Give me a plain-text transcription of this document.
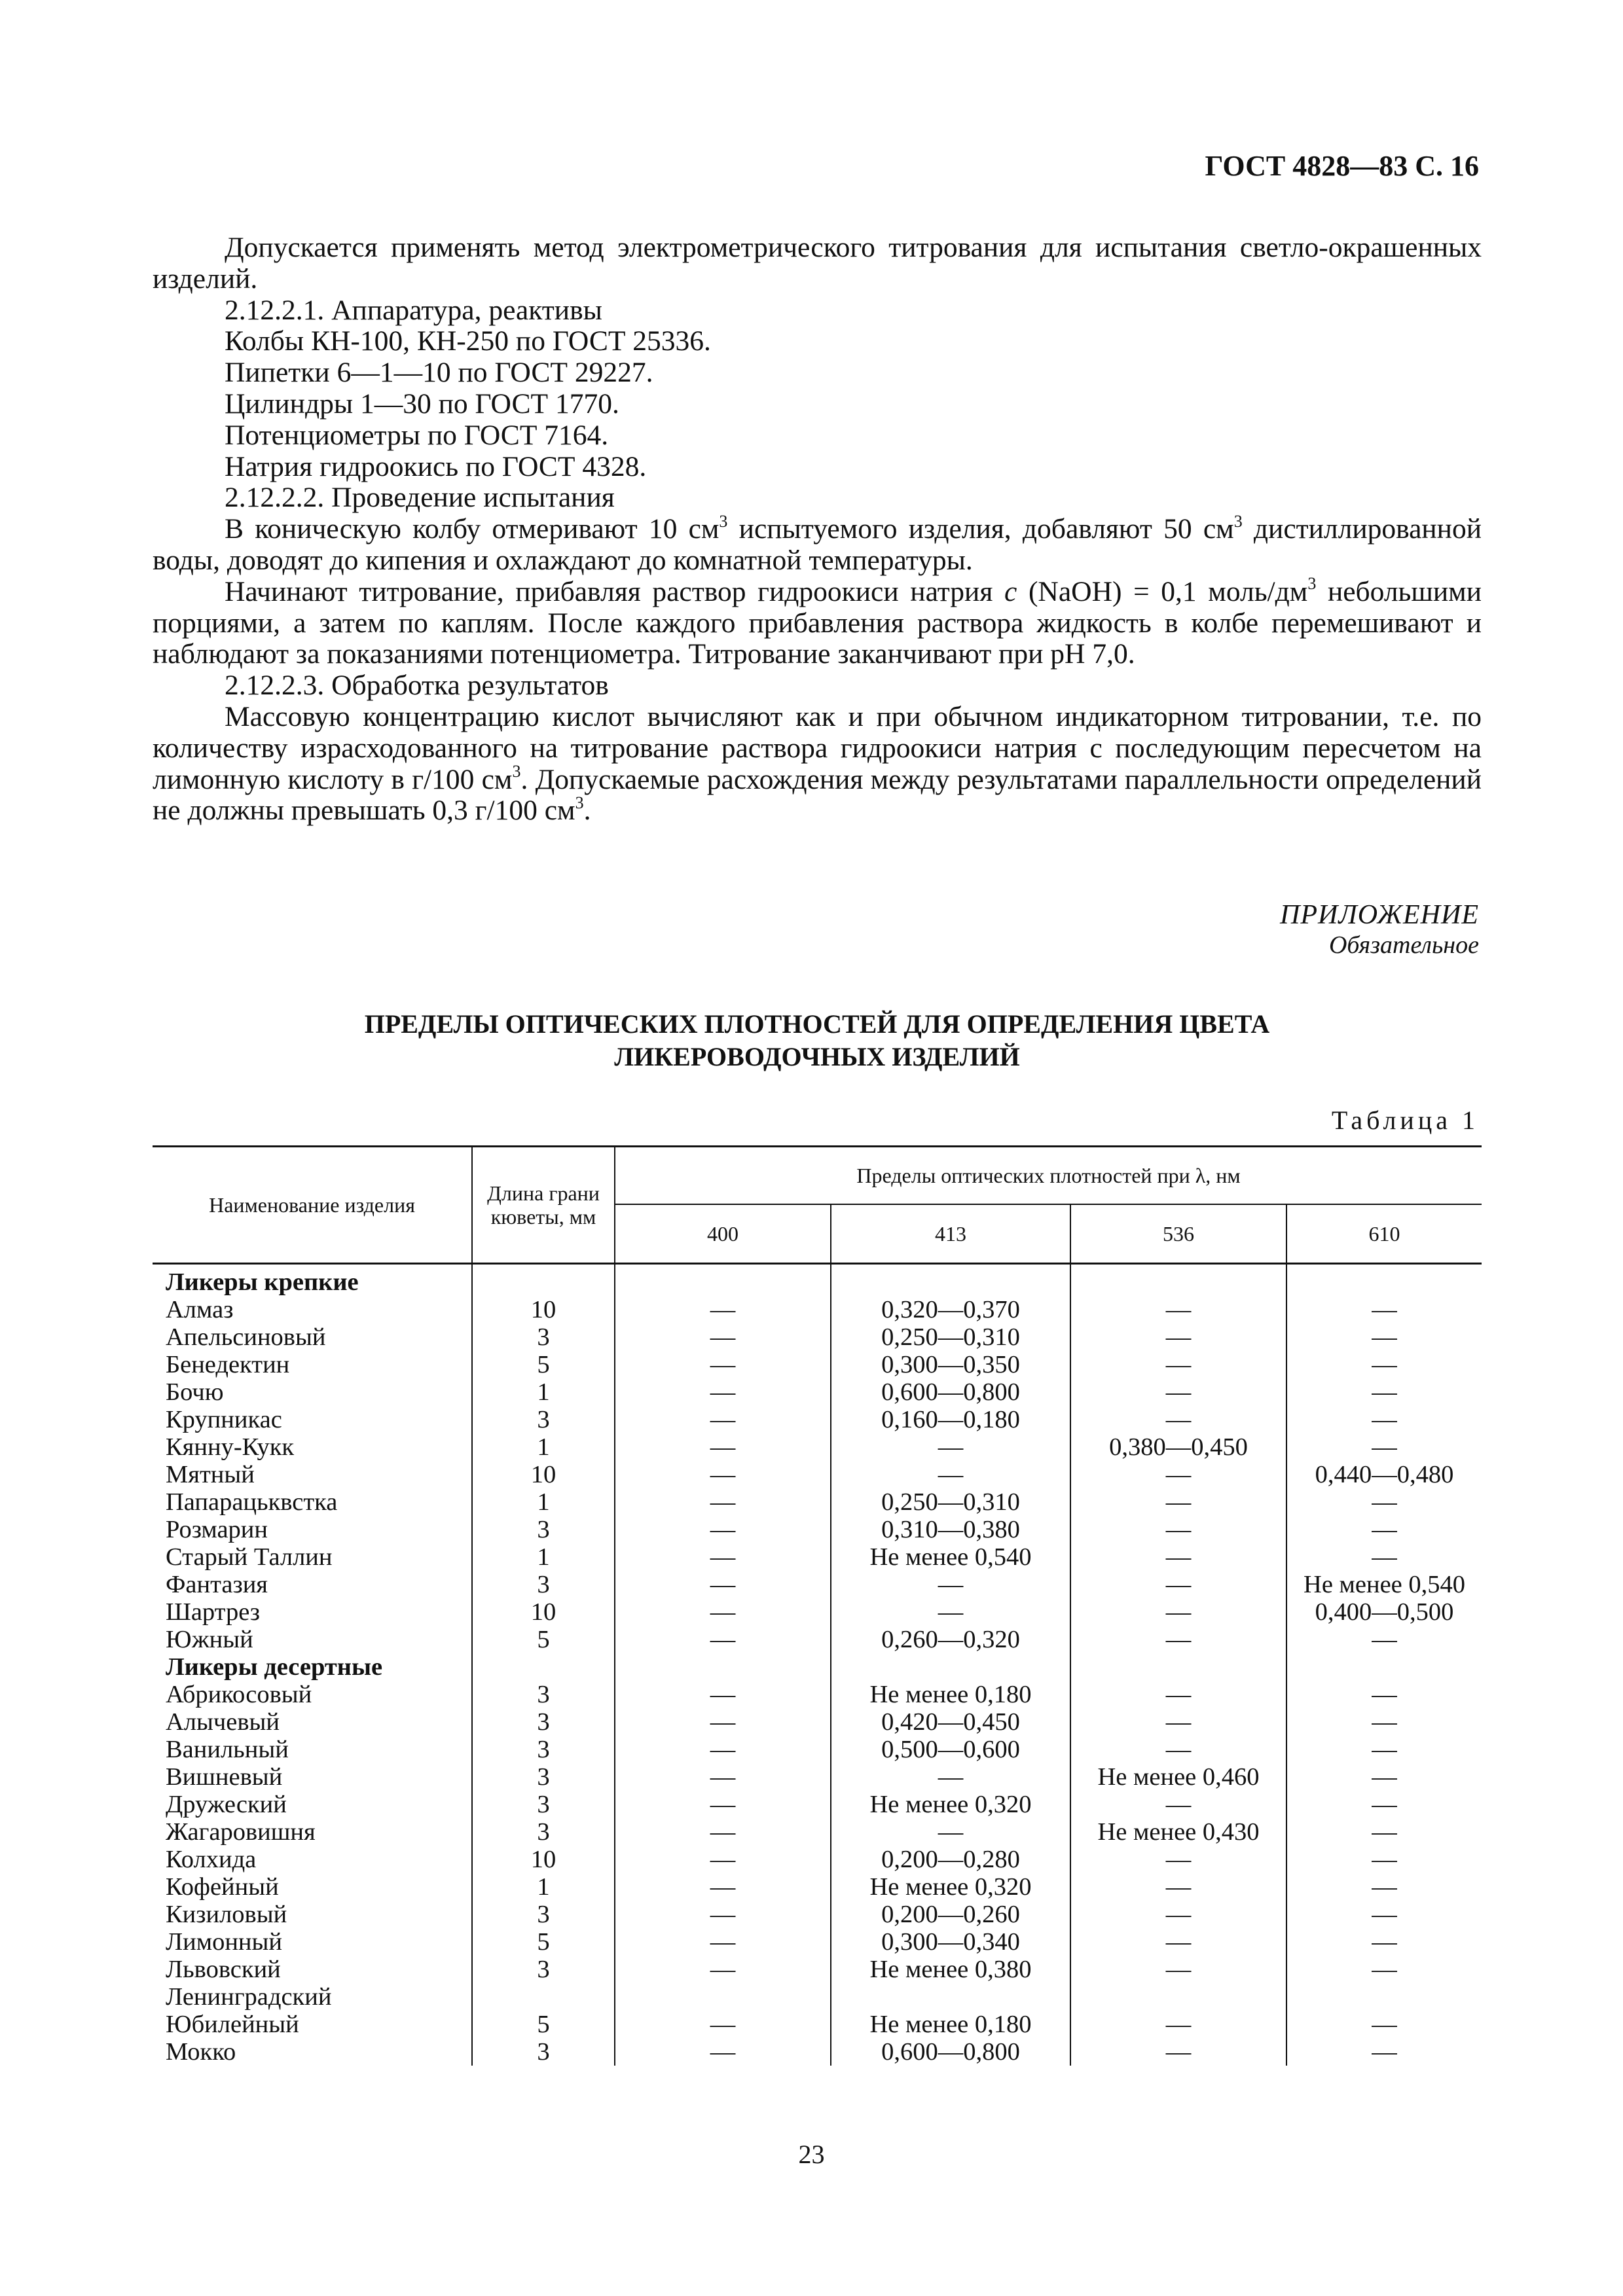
ГОСТ 4828—83 С. 16

Допускается применять метод электрометрического титрования для испытания светло-окрашенных изделий.

2.12.2.1. Аппаратура, реактивы

Колбы КН-100, КН-250 по ГОСТ 25336.

Пипетки 6—1—10 по ГОСТ 29227.

Цилиндры 1—30 по ГОСТ 1770.

Потенциометры по ГОСТ 7164.

Натрия гидроокись по ГОСТ 4328.

2.12.2.2. Проведение испытания

В коническую колбу отмеривают 10 $см^3$ испытуемого изделия, добавляют 50 $см^3$ дистиллированной воды, доводят до кипения и охлаждают до комнатной температуры.

Начинают титрование, прибавляя раствор гидроокиси натрия c (NaOH) = 0,1 моль/$дм^3$ небольшими порциями, а затем по каплям. После каждого прибавления раствора жидкость в колбе перемешивают и наблюдают за показаниями потенциометра. Титрование заканчивают при pH 7,0.

2.12.2.3. Обработка результатов

Массовую концентрацию кислот вычисляют как и при обычном индикаторном титровании, т.е. по количеству израсходованного на титрование раствора гидроокиси натрия с последующим пересчетом на лимонную кислоту в г/100 $см^3$. Допускаемые расхождения между результатами параллельности определений не должны превышать 0,3 г/100 $см^3$.

ПРИЛОЖЕНИЕ
Обязательное
ПРЕДЕЛЫ ОПТИЧЕСКИХ ПЛОТНОСТЕЙ ДЛЯ ОПРЕДЕЛЕНИЯ ЦВЕТА
ЛИКЕРОВОДОЧНЫХ ИЗДЕЛИЙ
Таблица 1
Наименование изделия	Длина грани кюветы, мм	Пределы оптических плотностей при λ, нм			
		400	413	536	610

Ликеры крепкие					
Алмаз	10	—	0,320—0,370	—	—
Апельсиновый	3	—	0,250—0,310	—	—
Бенедектин	5	—	0,300—0,350	—	—
Бочю	1	—	0,600—0,800	—	—
Крупникас	3	—	0,160—0,180	—	—
Кянну-Кукк	1	—	—	0,380—0,450	—
Мятный	10	—	—	—	0,440—0,480
Папарацьквстка	1	—	0,250—0,310	—	—
Розмарин	3	—	0,310—0,380	—	—
Старый Таллин	1	—	Не менее 0,540	—	—
Фантазия	3	—	—	—	Не менее 0,540
Шартрез	10	—	—	—	0,400—0,500
Южный	5	—	0,260—0,320	—	—
Ликеры десертные					
Абрикосовый	3	—	Не менее 0,180	—	—
Алычевый	3	—	0,420—0,450	—	—
Ванильный	3	—	0,500—0,600	—	—
Вишневый	3	—	—	Не менее 0,460	—
Дружеский	3	—	Не менее 0,320	—	—
Жагаровишня	3	—	—	Не менее 0,430	—
Колхида	10	—	0,200—0,280	—	—
Кофейный	1	—	Не менее 0,320	—	—
Кизиловый	3	—	0,200—0,260	—	—
Лимонный	5	—	0,300—0,340	—	—
Львовский	3	—	Не менее 0,380	—	—
Ленинградский					
Юбилейный	5	—	Не менее 0,180	—	—
Мокко	3	—	0,600—0,800	—	—
23
